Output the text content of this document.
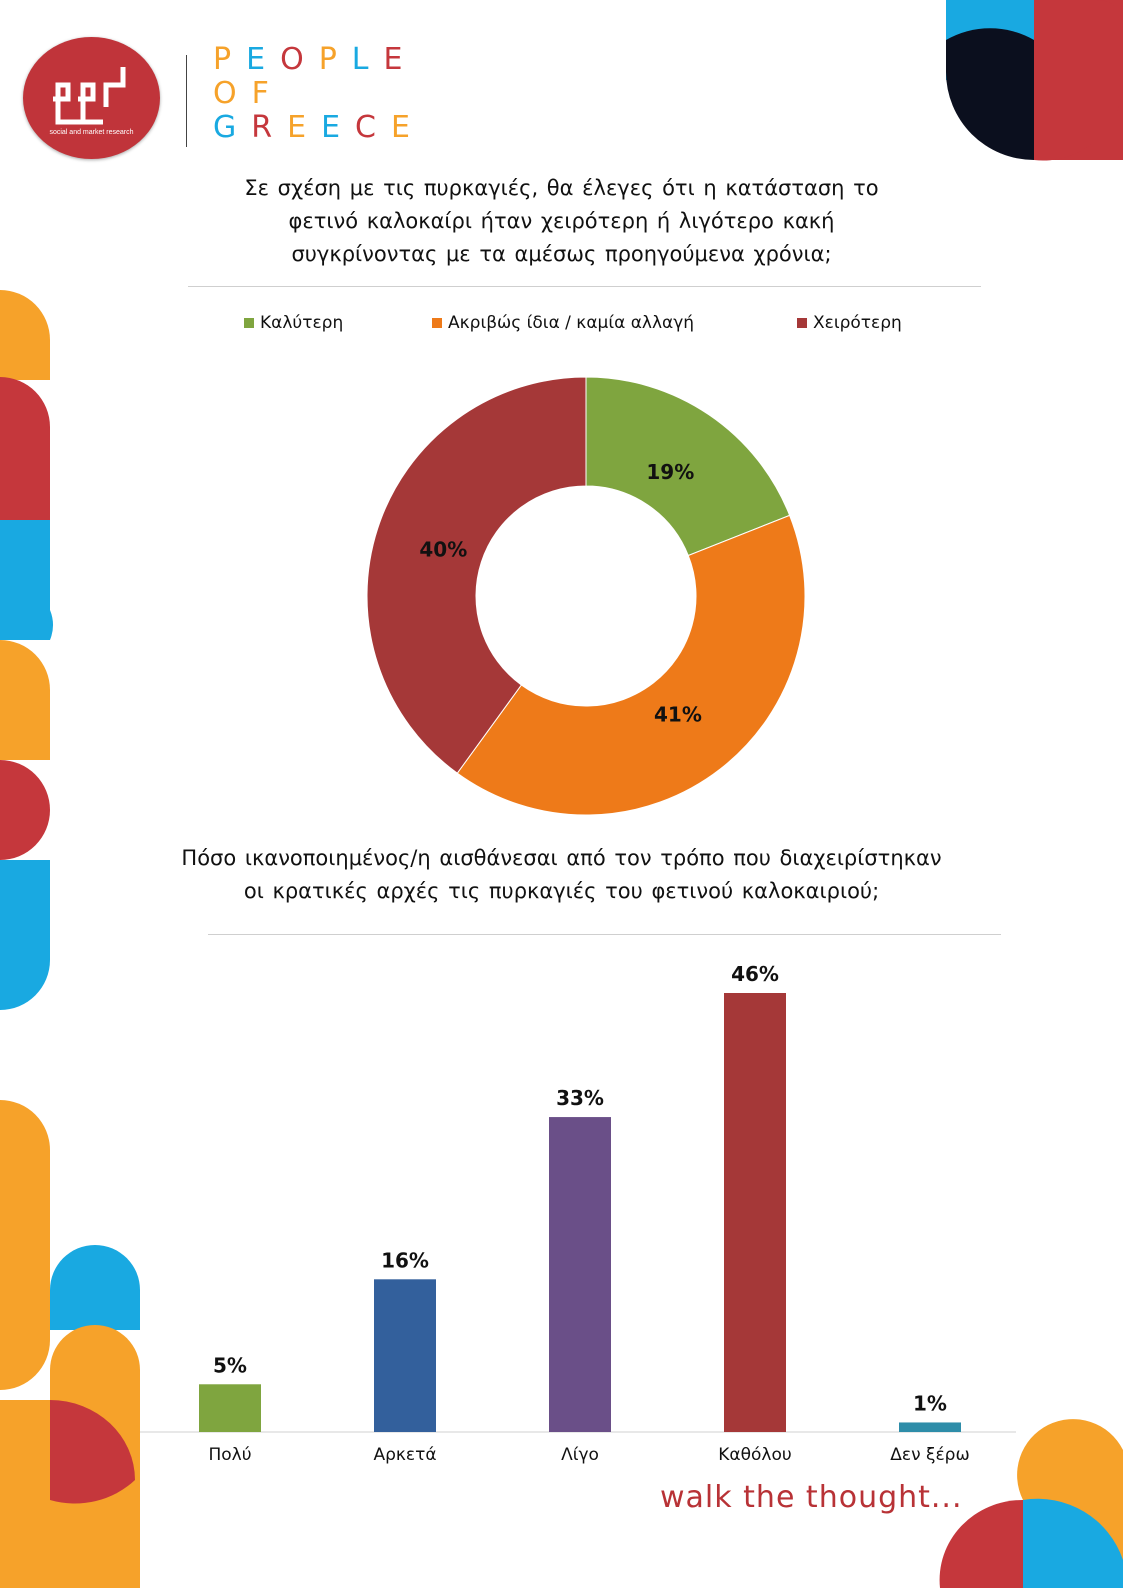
social and market research
PEOPLE
OF
GREECE
Σε σχέση με τις πυρκαγιές, θα έλεγες ότι η κατάσταση το
φετινό καλοκαίρι ήταν χειρότερη ή λιγότερο κακή
συγκρίνοντας με τα αμέσως προηγούμενα χρόνια;
Καλύτερη	Ακριβώς ίδια / καμία αλλαγή	Χειρότερη
19%
41%
40%
Πόσο ικανοποιημένος/η αισθάνεσαι από τον τρόπο που διαχειρίστηκαν
οι κρατικές αρχές τις πυρκαγιές του φετινού καλοκαιριού;
5%
Πολύ
16%
Αρκετά
33%
Λίγο
46%
Καθόλου
1%
Δεν ξέρω
walk the thought...
